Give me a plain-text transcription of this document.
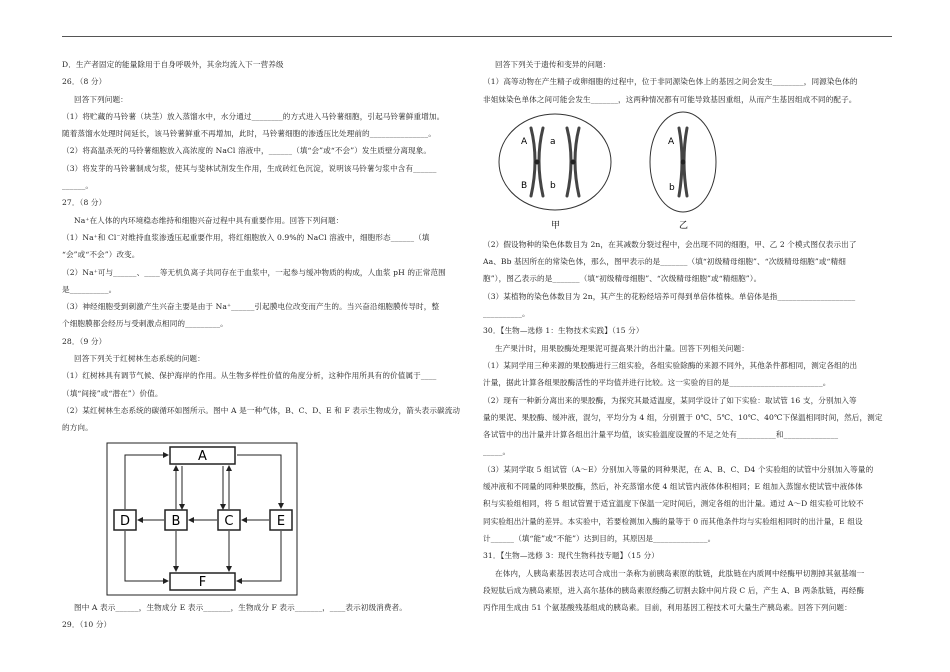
D．生产者固定的能量除用于自身呼吸外，其余均流入下一营养级

26．（8 分）

回答下列问题：

（1）将贮藏的马铃薯（块茎）放入蒸馏水中，水分通过________的方式进入马铃薯细胞，引起马铃薯鲜重增加。

随着蒸馏水处理时间延长，该马铃薯鲜重不再增加，此时，马铃薯细胞的渗透压比处理前的_______________。

（2）将高温杀死的马铃薯细胞放入高浓度的 NaCl 溶液中，______（填“会”或“不会”）发生质壁分离现象。

（3）将发芽的马铃薯制成匀浆，使其与斐林试剂发生作用，生成砖红色沉淀，说明该马铃薯匀浆中含有______

______。

27．（8 分）

Na⁺在人体的内环境稳态维持和细胞兴奋过程中具有重要作用。回答下列问题：

（1）Na⁺和 Cl⁻对维持血浆渗透压起重要作用，将红细胞放入 0.9%的 NaCl 溶液中，细胞形态______（填

“会”或“不会”）改变。

（2）Na⁺可与______、____等无机负离子共同存在于血浆中，一起参与缓冲物质的构成，人血浆 pH 的正常范围

是__________。

（3）神经细胞受到刺激产生兴奋主要是由于 Na⁺______引起膜电位改变而产生的。当兴奋沿细胞膜传导时，整

个细胞膜都会经历与受刺激点相同的_________。

28．（9 分）

回答下列关于红树林生态系统的问题：

（1）红树林具有调节气候、保护海岸的作用。从生物多样性价值的角度分析，这种作用所具有的价值属于____

（填“间接”或“潜在”）价值。

（2）某红树林生态系统的碳循环如图所示。图中 A 是一种气体，B、C、D、E 和 F 表示生物成分，箭头表示碳流动

的方向。

A
F
D	B	C	E

图中 A 表示______，生物成分 E 表示_______，生物成分 F 表示_______，____表示初级消费者。

29．（10 分）

回答下列关于遗传和变异的问题：

（1）高等动物在产生精子或卵细胞的过程中，位于非同源染色体上的基因之间会发生________，同源染色体的

非姐妹染色单体之间可能会发生_______，这两种情况都有可能导致基因重组，从而产生基因组成不同的配子。

A	a
B	b
甲
A
b
乙

（2）假设物种的染色体数目为 2n，在其减数分裂过程中，会出现不同的细胞，甲、乙 2 个模式图仅表示出了

Aa、Bb 基因所在的常染色体，那么，图甲表示的是_______（填“初级精母细胞”、“次级精母细胞”或“精细

胞”），图乙表示的是_______（填“初级精母细胞”、“次级精母细胞”或“精细胞”）。

（3）某植物的染色体数目为 2n，其产生的花粉经培养可得到单倍体植株。单倍体是指____________________

__________。

30．【生物—选修 1：生物技术实践】（15 分）

生产果汁时，用果胶酶处理果泥可提高果汁的出汁量。回答下列相关问题：

（1）某同学用三种来源的果胶酶进行三组实验，各组实验除酶的来源不同外，其他条件都相同，测定各组的出

汁量，据此计算各组果胶酶活性的平均值并进行比较。这一实验的目的是________________________。

（2）现有一种新分离出来的果胶酶，为探究其最适温度，某同学设计了如下实验：取试管 16 支，分别加入等

量的果泥、果胶酶、缓冲液，混匀，平均分为 4 组，分别置于 0℃、5℃、10℃、40℃下保温相同时间，然后，测定

各试管中的出汁量并计算各组出汁量平均值，该实验温度设置的不足之处有__________和______________

_____。

（3）某同学取 5 组试管（A～E）分别加入等量的同种果泥，在 A、B、C、D4 个实验组的试管中分别加入等量的

缓冲液和不同量的同种果胶酶，然后，补充蒸馏水使 4 组试管内液体体积相同；E 组加入蒸馏水使试管中液体体

积与实验组相同，将 5 组试管置于适宜温度下保温一定时间后，测定各组的出汁量。通过 A～D 组实验可比较不

同实验组出汁量的差异。本实验中，若要检测加入酶的量等于 0 而其他条件均与实验组相同时的出汁量，E 组设

计______（填“能”或“不能”）达到目的，其原因是______________。

31．【生物—选修 3：现代生物科技专题】（15 分）

在体内，人胰岛素基因表达可合成出一条称为前胰岛素原的肽链，此肽链在内质网中经酶甲切割掉其氨基端一

段短肽后成为胰岛素原，进入高尔基体的胰岛素原经酶乙切割去除中间片段 C 后，产生 A、B 两条肽链，再经酶

丙作用生成由 51 个氨基酸残基组成的胰岛素。目前，利用基因工程技术可大量生产胰岛素。回答下列问题：
